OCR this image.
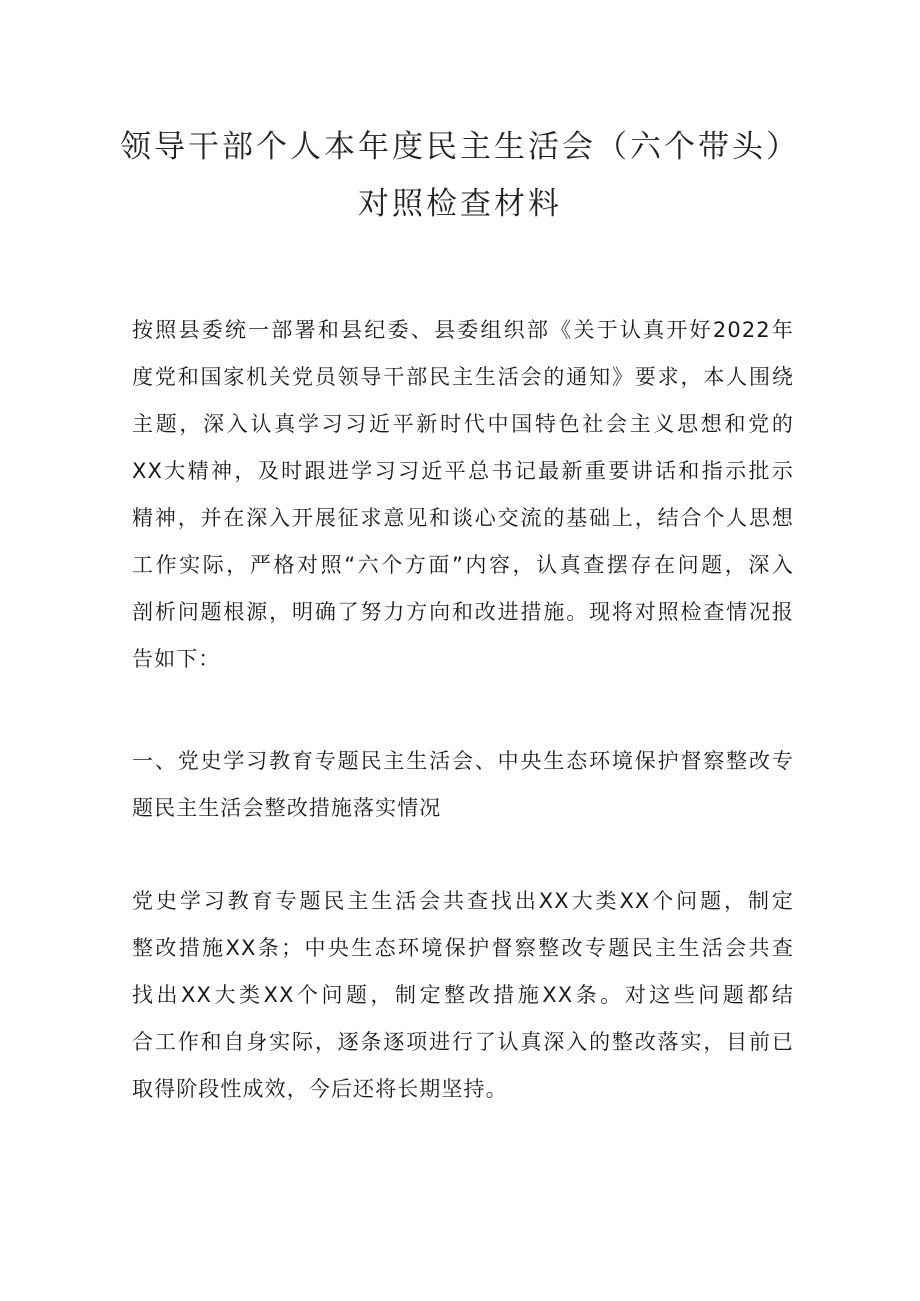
领导干部个人本年度民主生活会（六个带头）
对照检查材料
按照县委统一部署和县纪委、县委组织部《关于认真开好2022年
度党和国家机关党员领导干部民主生活会的通知》要求，本人围绕
主题，深入认真学习习近平新时代中国特色社会主义思想和党的
XX大精神，及时跟进学习习近平总书记最新重要讲话和指示批示
精神，并在深入开展征求意见和谈心交流的基础上，结合个人思想
工作实际，严格对照“六个方面”内容，认真查摆存在问题，深入
剖析问题根源，明确了努力方向和改进措施。现将对照检查情况报
告如下：
一、党史学习教育专题民主生活会、中央生态环境保护督察整改专
题民主生活会整改措施落实情况
党史学习教育专题民主生活会共查找出XX大类XX个问题，制定
整改措施XX条；中央生态环境保护督察整改专题民主生活会共查
找出XX大类XX个问题，制定整改措施XX条。对这些问题都结
合工作和自身实际，逐条逐项进行了认真深入的整改落实，目前已
取得阶段性成效，今后还将长期坚持。
